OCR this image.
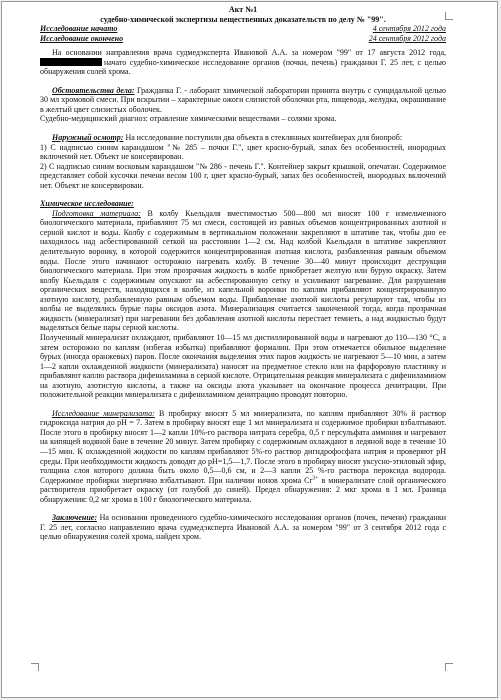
Акт №1

судебно-химической экспертизы вещественных доказательств по делу № "99".

Исследование начато	4 сентября 2012 года
Исследование окончено	24 сентября 2012 года

На основании направления врача судмедэксперта Ивановой А.А. за номером "99" от 17 августа 2012 года, начато судебно-химическое исследование органов (почки, печень) гражданки Г. 25 лет, с целью обнаружения солей хрома.

Обстоятельства дела: Гражданка Г. - лаборант химической лаборатории принята внутрь с суицидальной целью 30 мл хромовой смеси. При вскрытии – характерные ожоги слизистой оболочки рта, пищевода, желудка, окрашивание в желтый цвет слизистых оболочек.

Судебно-медицинский диагноз: отравление химическими веществами – солями хрома.

Наружный осмотр: На исследование поступили два объекта в стеклянных контейнерах для биопроб:

1) С надписью синим карандашом "№ 285 – почки Г.", цвет красно-бурый, запах без особенностей, инородных включений нет. Объект не консервирован.

2) С надписью синим восковым карандашом "№ 286 - печень Г.". Контейнер закрыт крышкой, опечатан. Содержимое представляет собой кусочки печени весом 100 г, цвет красно-бурый, запах без особенностей, инородных включений нет. Объект не консервирован.

Химическое исследование:

Подготовка материала: В колбу Кьельдаля вместимостью 500—800 мл вносят 100 г измельченного биологического материала, прибавляют 75 мл смеси, состоящей из равных объемов концентрированных азотной и серной кислот и воды. Колбу с содержимым в вертикальном положении закрепляют в штативе так, чтобы дно ее находилось над асбестированной сеткой на расстоянии 1—2 см. Над колбой Кьельдаля в штативе закрепляют делительную воронку, в которой содержится концентрированная азотная кислота, разбавленная равным объемом воды. После этого начинают осторожно нагревать колбу. В течение 30—40 минут происходит деструкция биологического материала. При этом прозрачная жидкость в колбе приобретает желтую или бурую окраску. Затем колбу Кьельдаля с содержимым опускают на асбестированную сетку и усиливают нагревание. Для разрушения органических веществ, находящихся в колбе, из капельной воронки по каплям прибавляют концентрированную азотную кислоту, разбавленную равным объемом воды. Прибавление азотной кислоты регулируют так, чтобы из колбы не выделялись бурые пары оксидов азота. Минерализация считается законченной тогда, когда прозрачная жидкость (минерализат) при нагревании без добавления азотной кислоты перестает темнеть, а над жидкостью будут выделяться белые пары серной кислоты.

Полученный минерализат охлаждают, прибавляют 10—15 мл дистиллированной воды и нагревают до 110—130 °С, а затем осторожно по каплям (избегая избытка) прибавляют формалин. При этом отмечается обильное выделение бурых (иногда оранжевых) паров. После окончания выделения этих паров жидкость не нагревают 5—10 мин, а затем 1—2 капли охлажденной жидкости (минерализата) наносят на предметное стекло или на фарфоровую пластинку и прибавляют каплю раствора дифениламина в серной кислоте. Отрицательная реакция минерализата с дифениламином на азотную, азотистую кислоты, а также на оксиды азота указывает на окончание процесса денитрации. При положительной реакции минерализата с дифениламином денитрацию проводят повторно.

Исследование минерализата: В пробирку вносят 5 мл минерализата, по каплям прибавляют 30% й раствор гидроксида натрия до pH = 7. Затем в пробирку вносят еще 1 мл минерализата и содержимое пробирки взбалтывают. После этого в пробирку вносят 1—2 капли 10%-го раствора нитрата серебра, 0,5 г персульфата аммония и нагревают на кипящей водяной бане в течение 20 минут. Затем пробирку с содержимым охлаждают в ледяной воде в течение 10—15 мин. К охлажденной жидкости по каплям прибавляют 5%-го раствор дигидрофосфата натрия и проверяют рН среды. При необходимости жидкость доводят до pH=1,5—1,7. После этого в пробирку вносят уксусно-этиловый эфир, толщина слоя которого должна быть около 0,5—0,6 см, и 2—3 капли 25 %-го раствора пероксида водорода. Содержимое пробирки энергично взбалтывают. При наличии ионов хрома $Cr^{3+}$ в минерализате слой органического растворителя приобретает окраску (от голубой до синей). Предел обнаружения: 2 мкг хромa в 1 мл. Граница обнаружения: 0,2 мг хрома в 100 г биологического материала.

Заключение: На основании проведенного судебно-химического исследования органов (почек, печени) гражданки Г. 25 лет, согласно направлению врача судмедэксперта Ивановой А.А. за номером "99" от 3 сентября 2012 года с целью обнаружения солей хрома, найден хром.
